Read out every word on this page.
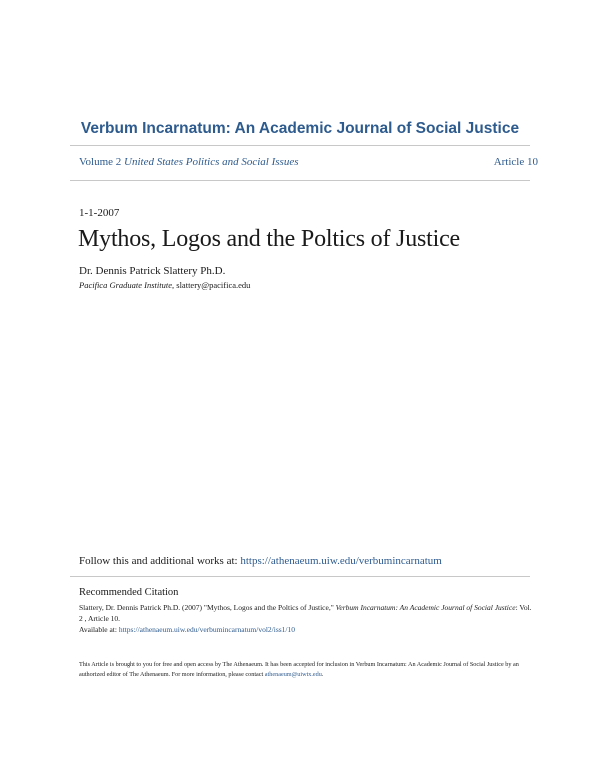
Verbum Incarnatum: An Academic Journal of Social Justice
Volume 2 United States Politics and Social Issues	Article 10
1-1-2007
Mythos, Logos and the Poltics of Justice
Dr. Dennis Patrick Slattery Ph.D.
Pacifica Graduate Institute, slattery@pacifica.edu
Follow this and additional works at: https://athenaeum.uiw.edu/verbumincarnatum
Recommended Citation
Slattery, Dr. Dennis Patrick Ph.D. (2007) "Mythos, Logos and the Poltics of Justice," Verbum Incarnatum: An Academic Journal of Social Justice: Vol. 2 , Article 10.
Available at: https://athenaeum.uiw.edu/verbumincarnatum/vol2/iss1/10
This Article is brought to you for free and open access by The Athenaeum. It has been accepted for inclusion in Verbum Incarnatum: An Academic Journal of Social Justice by an authorized editor of The Athenaeum. For more information, please contact athenaeum@uiwtx.edu.
